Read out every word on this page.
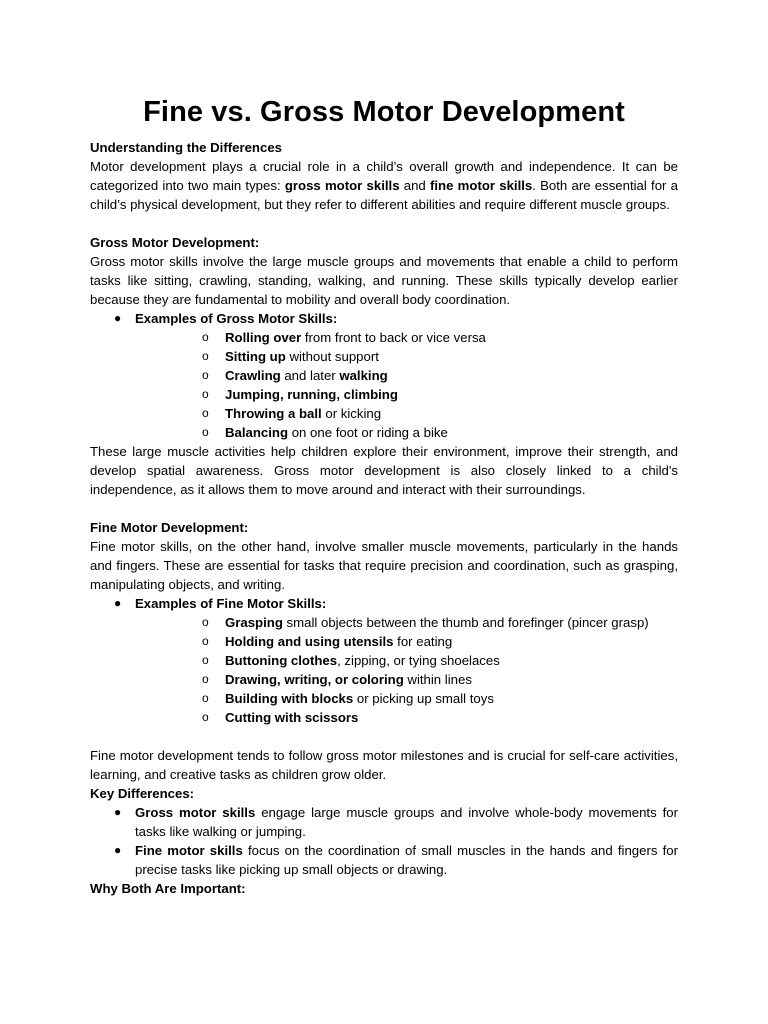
Fine vs. Gross Motor Development
Understanding the Differences

Motor development plays a crucial role in a child’s overall growth and independence. It can be categorized into two main types: gross motor skills and fine motor skills. Both are essential for a child’s physical development, but they refer to different abilities and require different muscle groups.

Gross Motor Development:

Gross motor skills involve the large muscle groups and movements that enable a child to perform tasks like sitting, crawling, standing, walking, and running. These skills typically develop earlier because they are fundamental to mobility and overall body coordination.

● Examples of Gross Motor Skills:
o Rolling over from front to back or vice versa
o Sitting up without support
o Crawling and later walking
o Jumping, running, climbing
o Throwing a ball or kicking
o Balancing on one foot or riding a bike

These large muscle activities help children explore their environment, improve their strength, and develop spatial awareness. Gross motor development is also closely linked to a child's independence, as it allows them to move around and interact with their surroundings.

Fine Motor Development:

Fine motor skills, on the other hand, involve smaller muscle movements, particularly in the hands and fingers. These are essential for tasks that require precision and coordination, such as grasping, manipulating objects, and writing.

● Examples of Fine Motor Skills:
o Grasping small objects between the thumb and forefinger (pincer grasp)
o Holding and using utensils for eating
o Buttoning clothes, zipping, or tying shoelaces
o Drawing, writing, or coloring within lines
o Building with blocks or picking up small toys
o Cutting with scissors

Fine motor development tends to follow gross motor milestones and is crucial for self-care activities, learning, and creative tasks as children grow older.

Key Differences:
● Gross motor skills engage large muscle groups and involve whole-body movements for tasks like walking or jumping.
● Fine motor skills focus on the coordination of small muscles in the hands and fingers for precise tasks like picking up small objects or drawing.
Why Both Are Important:
